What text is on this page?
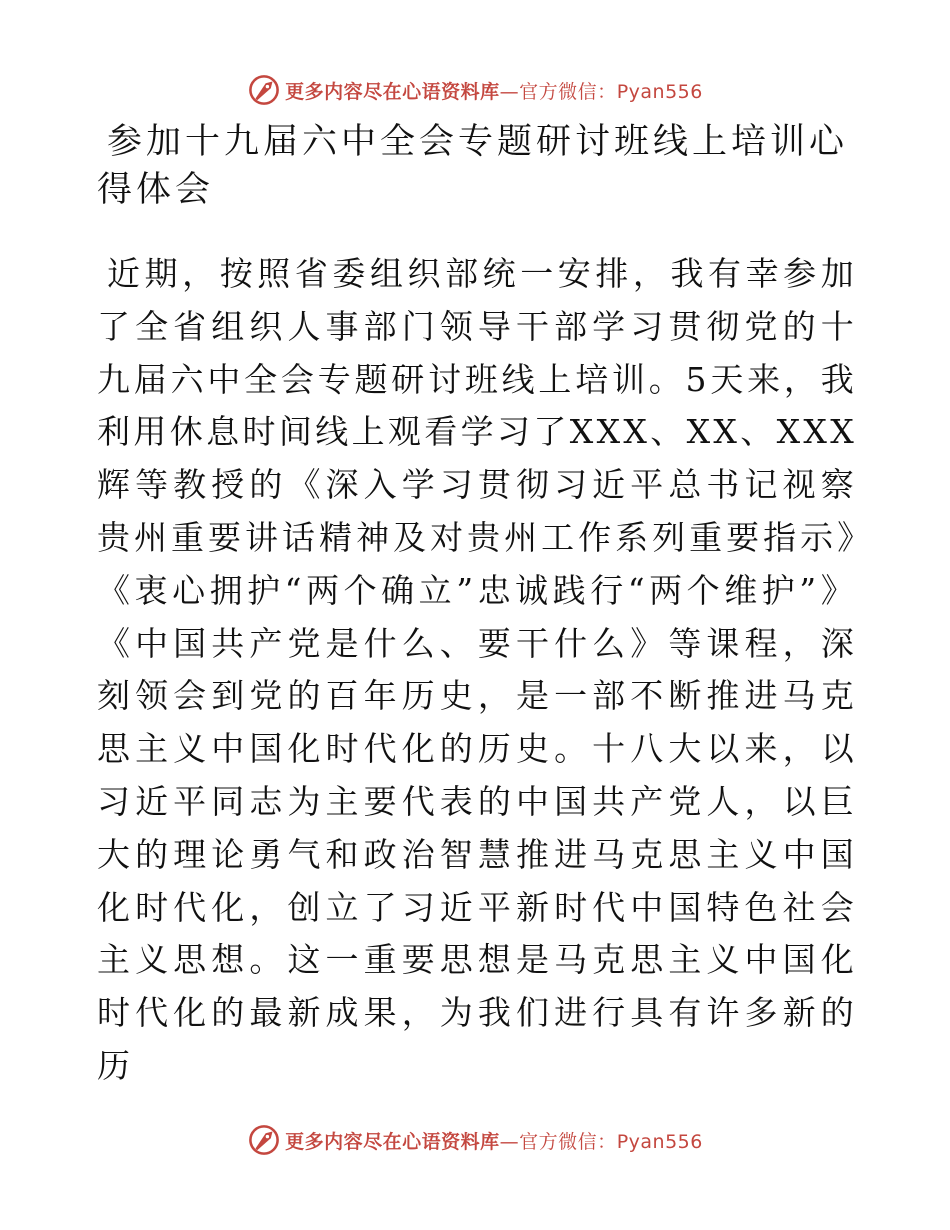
更多内容尽在心语资料库—官方微信：Pyan556
参加十九届六中全会专题研讨班线上培训心得体会

近期，按照省委组织部统一安排，我有幸参加了全省组织人事部门领导干部学习贯彻党的十九届六中全会专题研讨班线上培训。5天来，我利用休息时间线上观看学习了XXX、XX、XXX辉等教授的《深入学习贯彻习近平总书记视察贵州重要讲话精神及对贵州工作系列重要指示》《衷心拥护“两个确立”忠诚践行“两个维护”》《中国共产党是什么、要干什么》等课程，深刻领会到党的百年历史，是一部不断推进马克思主义中国化时代化的历史。十八大以来，以习近平同志为主要代表的中国共产党人，以巨大的理论勇气和政治智慧推进马克思主义中国化时代化，创立了习近平新时代中国特色社会主义思想。这一重要思想是马克思主义中国化时代化的最新成果，为我们进行具有许多新的历

更多内容尽在心语资料库—官方微信：Pyan556
